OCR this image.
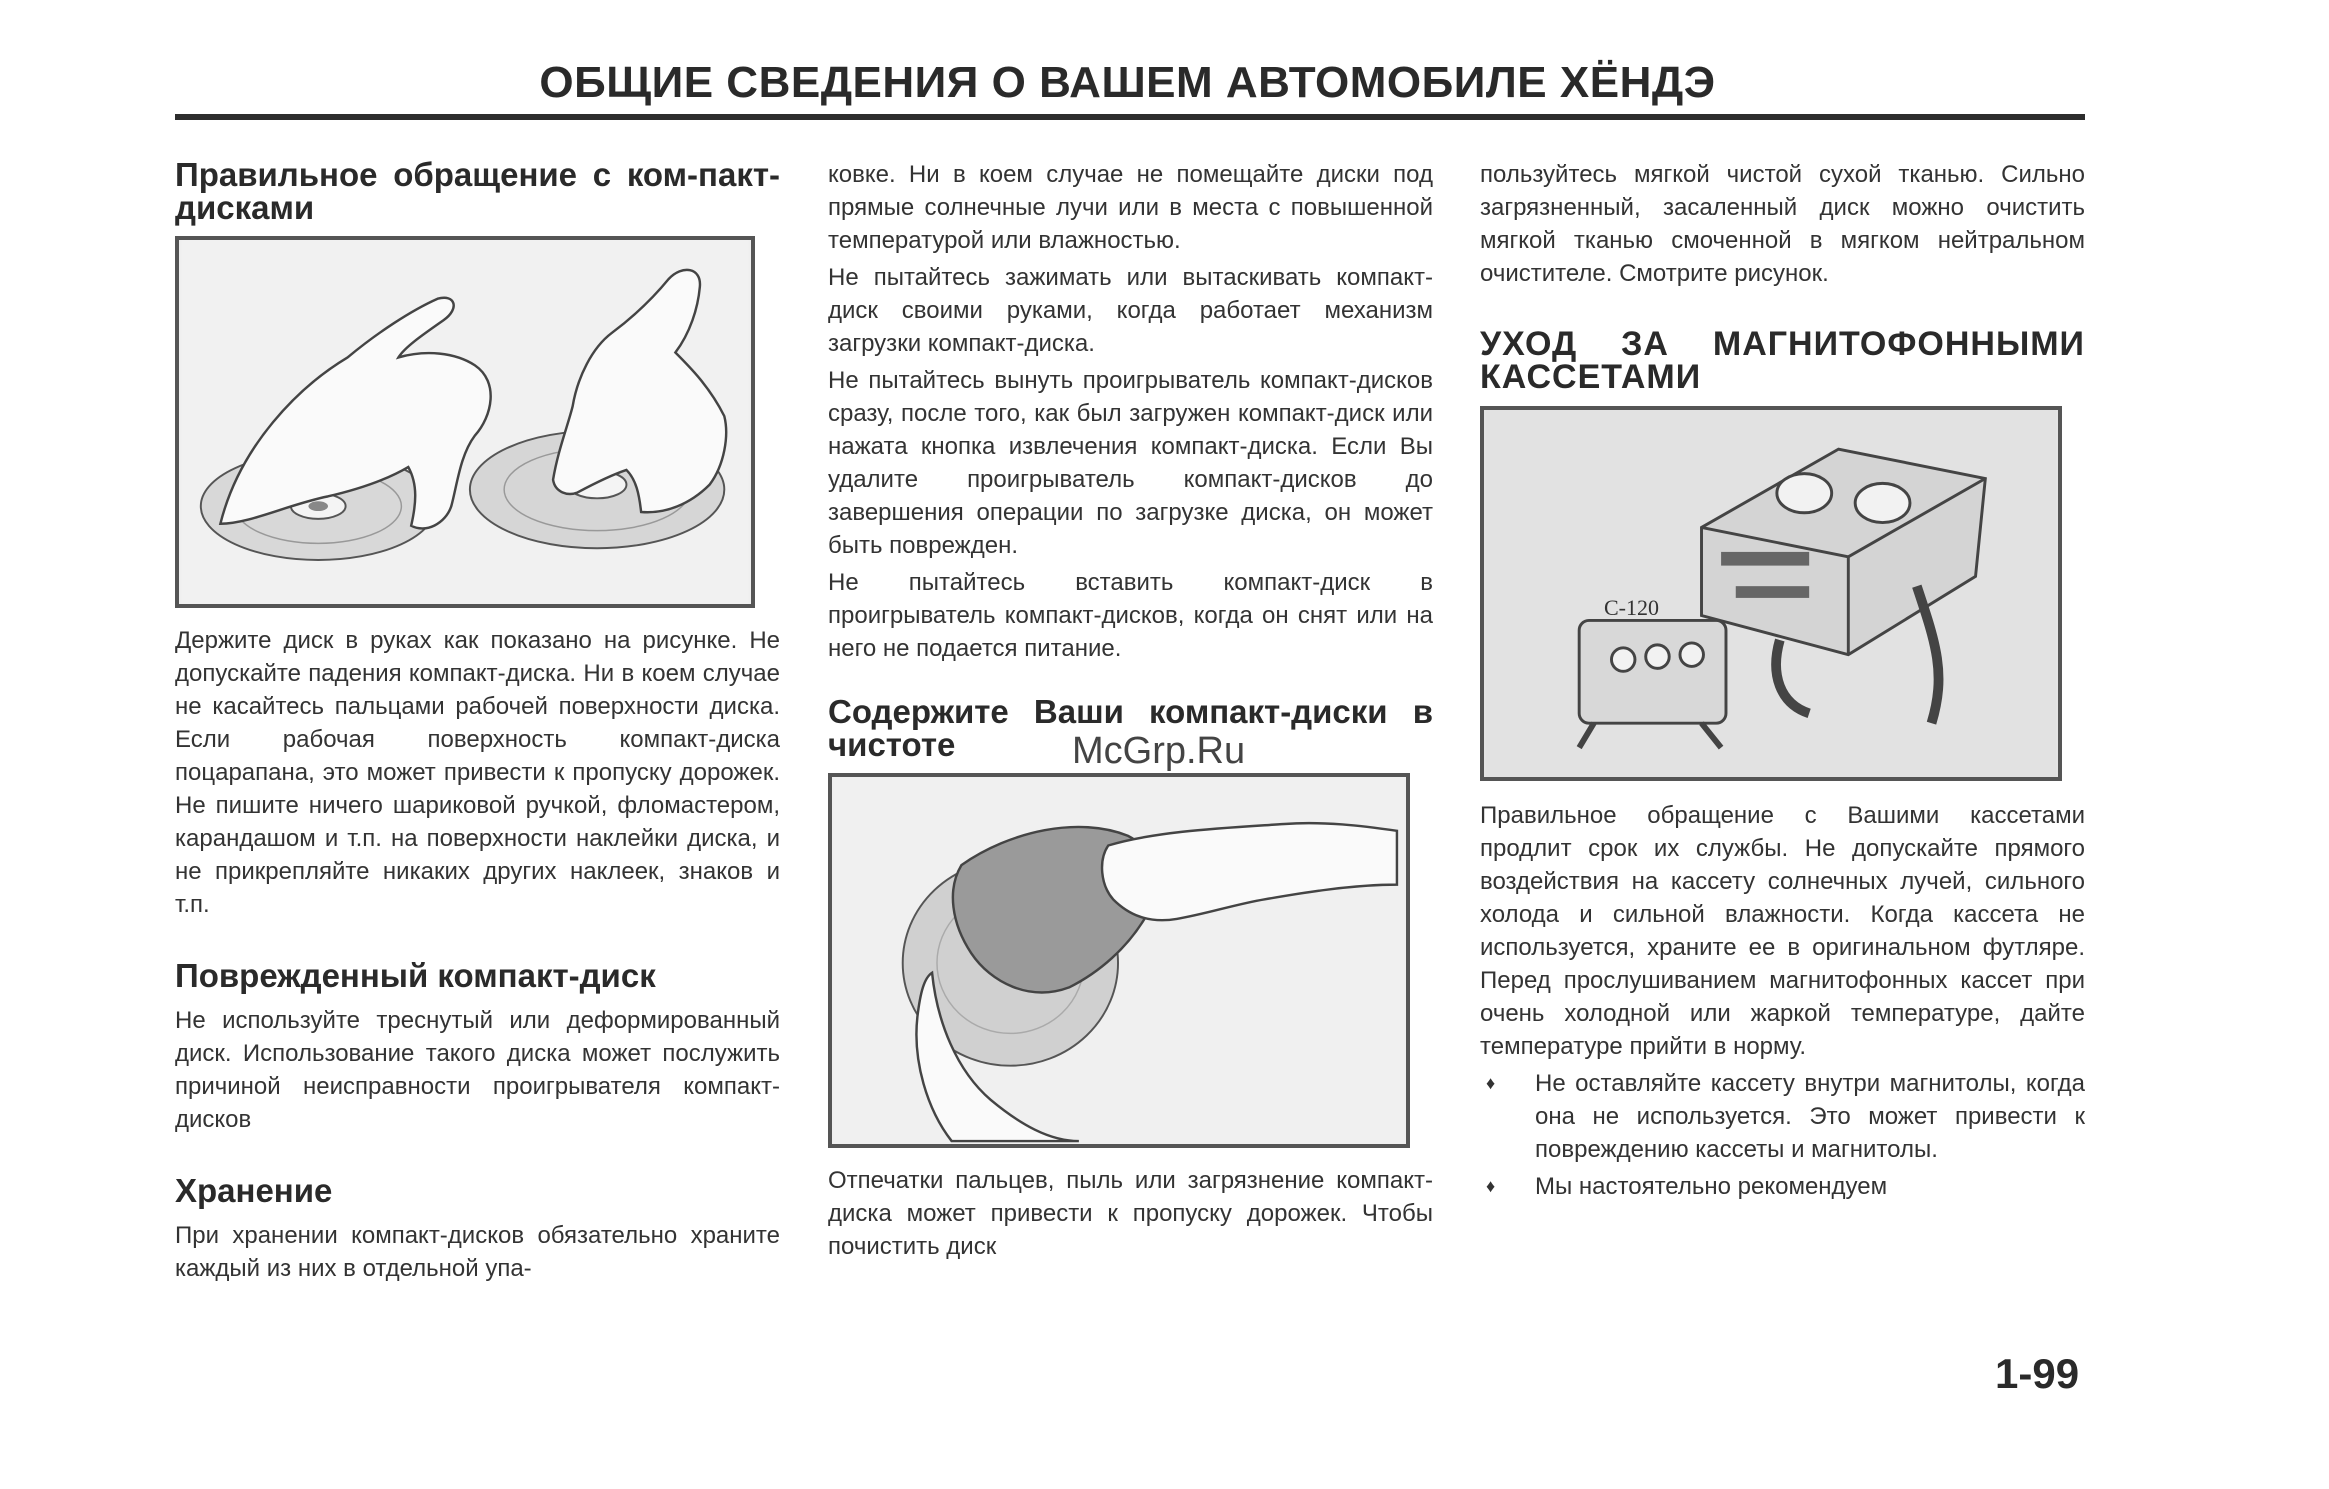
ОБЩИЕ СВЕДЕНИЯ О ВАШЕМ АВТОМОБИЛЕ ХЁНДЭ
Правильное обращение с ком-пакт-дисками

Держите диск в руках как показано на рисунке. Не допускайте падения компакт-диска. Ни в коем случае не касайтесь пальцами рабочей поверхности диска. Если рабочая поверхность компакт-диска поцарапана, это может привести к пропуску дорожек. Не пишите ничего шариковой ручкой, фломастером, карандашом и т.п. на поверхности наклейки диска, и не прикрепляйте никаких других наклеек, знаков и т.п.

Поврежденный компакт-диск

Не используйте треснутый или деформированный диск. Использование такого диска может послужить причиной неисправности проигрывателя компакт-дисков

Хранение

При хранении компакт-дисков обязательно храните каждый из них в отдельной упа-

ковке. Ни в коем случае не помещайте диски под прямые солнечные лучи или в места с повышенной температурой или влажностью.

Не пытайтесь зажимать или вытаскивать компакт-диск своими руками, когда работает механизм загрузки компакт-диска.

Не пытайтесь вынуть проигрыватель компакт-дисков сразу, после того, как был загружен компакт-диск или нажата кнопка извлечения компакт-диска. Если Вы удалите проигрыватель компакт-дисков до завершения операции по загрузке диска, он может быть поврежден.

Не пытайтесь вставить компакт-диск в проигрыватель компакт-дисков, когда он снят или на него не подается питание.

Содержите Ваши компакт-диски в чистоте

Отпечатки пальцев, пыль или загрязнение компакт-диска может привести к пропуску дорожек. Чтобы почистить диск

пользуйтесь мягкой чистой сухой тканью. Сильно загрязненный, засаленный диск можно очистить мягкой тканью смоченной в мягком нейтральном очистителе. Смотрите рисунок.

УХОД ЗА МАГНИТОФОННЫМИ КАССЕТАМИ
C-120

Правильное обращение с Вашими кассетами продлит срок их службы. Не допускайте прямого воздействия на кассету солнечных лучей, сильного холода и сильной влажности. Когда кассета не используется, храните ее в оригинальном футляре. Перед прослушиванием магнитофонных кассет при очень холодной или жаркой температуре, дайте температуре прийти в норму.

♦ Не оставляйте кассету внутри магнитолы, когда она не используется. Это может привести к повреждению кассеты и магнитолы.
♦ Мы настоятельно рекомендуем
McGrp.Ru
1-99
